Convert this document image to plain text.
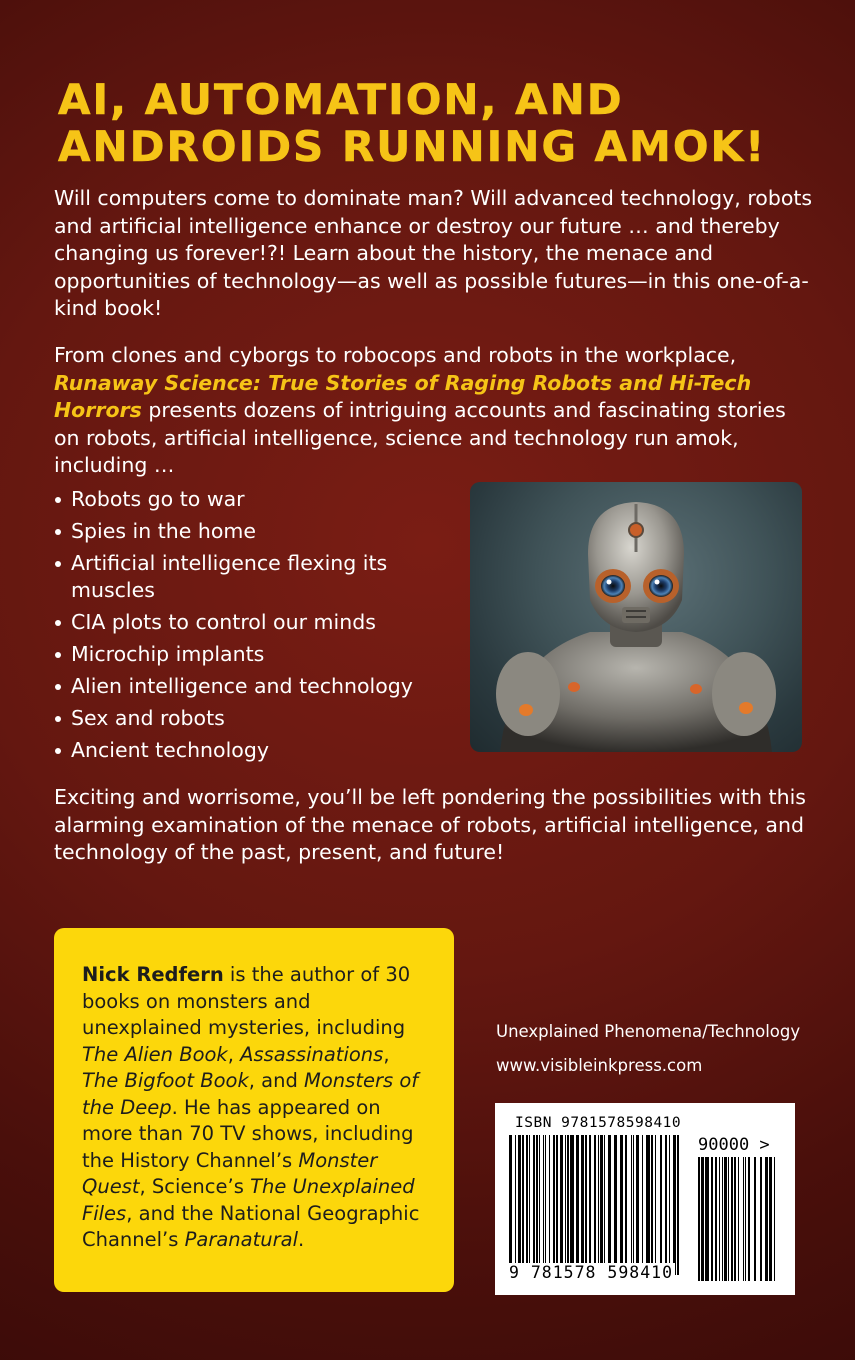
AI, AUTOMATION, AND
ANDROIDS RUNNING AMOK!
Will computers come to dominate man? Will advanced technology, robots and artificial intelligence enhance or destroy our future … and thereby changing us forever!?! Learn about the history, the menace and opportunities of technology—as well as possible futures—in this one-of-a-kind book!
From clones and cyborgs to robocops and robots in the workplace, Runaway Science: True Stories of Raging Robots and Hi-Tech Horrors presents dozens of intriguing accounts and fascinating stories on robots, artificial intelligence, science and technology run amok, including …
Robots go to war
Spies in the home
Artificial intelligence flexing its muscles
CIA plots to control our minds
Microchip implants
Alien intelligence and technology
Sex and robots
Ancient technology
Exciting and worrisome, you’ll be left pondering the possibilities with this alarming examination of the menace of robots, artificial intelligence, and technology of the past, present, and future!
Nick Redfern is the author of 30 books on monsters and unexplained mysteries, including The Alien Book, Assassinations, The Bigfoot Book, and Monsters of the Deep. He has appeared on more than 70 TV shows, including the History Channel’s Monster Quest, Science’s The Unexplained Files, and the National Geographic Channel’s Paranatural.
Unexplained Phenomena/Technology
www.visibleinkpress.com
ISBN 9781578598410
90000 >
9 781578 598410
